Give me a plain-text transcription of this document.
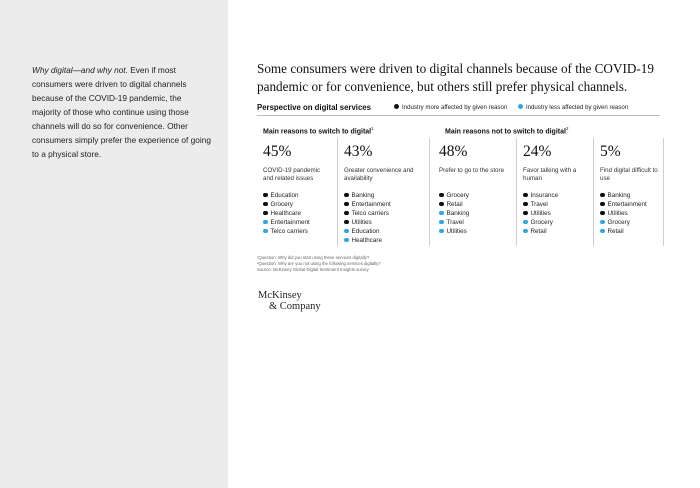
Why digital—and why not. Even if most consumers were driven to digital channels because of the COVID-19 pandemic, the majority of those who continue using those channels will do so for convenience. Other consumers simply prefer the experience of going to a physical store.

Some consumers were driven to digital channels because of the COVID-19 pandemic or for convenience, but others still prefer physical channels.
Perspective on digital services	Industry more affected by given reason	Industry less affected by given reason
Main reasons to switch to digital$^1$	Main reasons not to switch to digital$^2$
45%
COVID-19 pandemic and related issues
Education
Grocery
Healthcare
Entertainment
Telco carriers
43%
Greater convenience and availability
Banking
Entertainment
Telco carriers
Utilities
Education
Healthcare
48%
Prefer to go to the store
Grocery
Retail
Banking
Travel
Utilities
24%
Favor talking with a human
Insurance
Travel
Utilities
Grocery
Retail
5%
Find digital difficult to use
Banking
Entertainment
Utilities
Grocery
Retail
¹Question: Why did you start using these services digitally?
²Question: Why are you not using the following services digitally?
Source: McKinsey Global Digital Sentiment Insights survey
McKinsey
& Company
